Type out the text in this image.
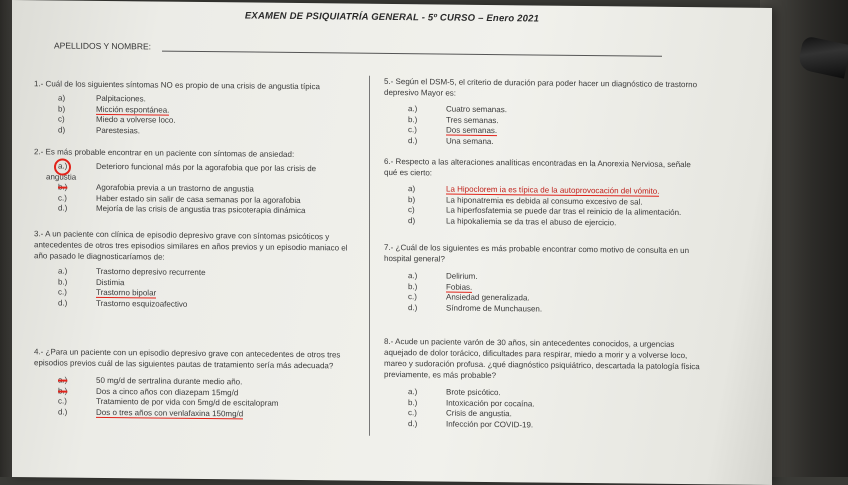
EXAMEN DE PSIQUIATRÍA GENERAL - 5º CURSO – Enero 2021
APELLIDOS Y NOMBRE:
1.- Cuál de los siguientes síntomas NO es propio de una crisis de angustia típica
a)	Palpitaciones.
b)	Micción espontánea.
c)	Miedo a volverse loco.
d)	Parestesias.
2.- Es más probable encontrar en un paciente con síntomas de ansiedad:
a.)	Deterioro funcional más por la agorafobia que por las crisis de
angustia
b.)	Agorafobia previa a un trastorno de angustia
c.)	Haber estado sin salir de casa semanas por la agorafobia
d.)	Mejoría de las crisis de angustia tras psicoterapia dinámica
3.- A un paciente con clínica de episodio depresivo grave con síntomas psicóticos y antecedentes de otros tres episodios similares en años previos y un episodio maniaco el año pasado le diagnosticaríamos de:
a.)	Trastorno depresivo recurrente
b.)	Distimia
c.)	Trastorno bipolar
d.)	Trastorno esquizoafectivo
4.- ¿Para un paciente con un episodio depresivo grave con antecedentes de otros tres episodios previos cuál de las siguientes pautas de tratamiento sería más adecuada?
a.)	50 mg/d de sertralina durante medio año.
b.)	Dos a cinco años con diazepam 15mg/d
c.)	Tratamiento de por vida con 5mg/d de escitalopram
d.)	Dos o tres años con venlafaxina 150mg/d
5.- Según el DSM-5, el criterio de duración para poder hacer un diagnóstico de trastorno depresivo Mayor es:
a.)	Cuatro semanas.
b.)	Tres semanas.
c.)	Dos semanas.
d.)	Una semana.
6.- Respecto a las alteraciones analíticas encontradas en la Anorexia Nerviosa, señale qué es cierto:
a)	La Hipoclorem ia es típica de la autoprovocación del vómito.
b)	La hiponatremia es debida al consumo excesivo de sal.
c)	La hiperfosfatemia se puede dar tras el reinicio de la alimentación.
d)	La hipokaliemia se da tras el abuso de ejercicio.
7.- ¿Cuál de los siguientes es más probable encontrar como motivo de consulta en un hospital general?
a.)	Delirium.
b.)	Fobias.
c.)	Ansiedad generalizada.
d.)	Síndrome de Munchausen.
8.- Acude un paciente varón de 30 años, sin antecedentes conocidos, a urgencias aquejado de dolor torácico, dificultades para respirar, miedo a morir y a volverse loco, mareo y sudoración profusa. ¿qué diagnóstico psiquiátrico, descartada la patología física previamente, es más probable?
a.)	Brote psicótico.
b.)	Intoxicación por cocaína.
c.)	Crisis de angustia.
d.)	Infección por COVID-19.
